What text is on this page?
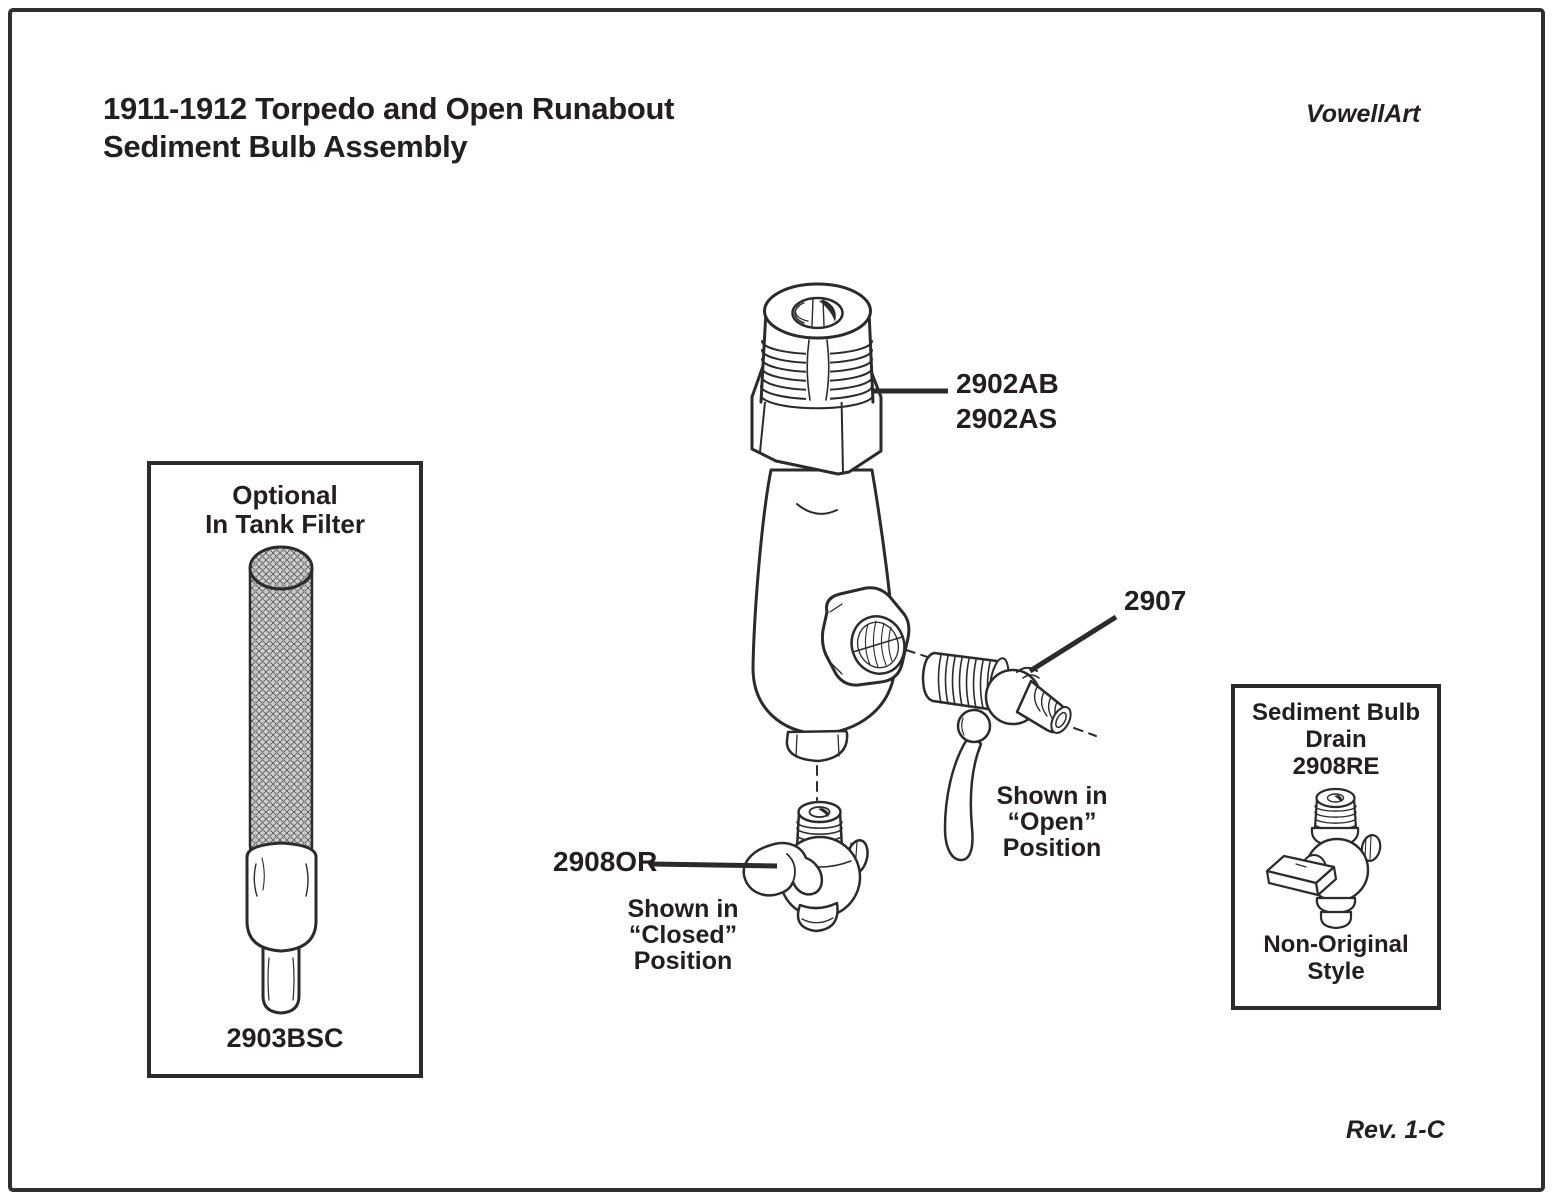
1911-1912 Torpedo and Open Runabout
Sediment Bulb Assembly
VowellArt
Rev. 1-C
Optional
In Tank Filter
2903BSC
Sediment Bulb
Drain
2908RE
Non-Original
Style
2902AB
2902AS
2907
2908OR
Shown in
“Closed”
Position
Shown in
“Open”
Position
